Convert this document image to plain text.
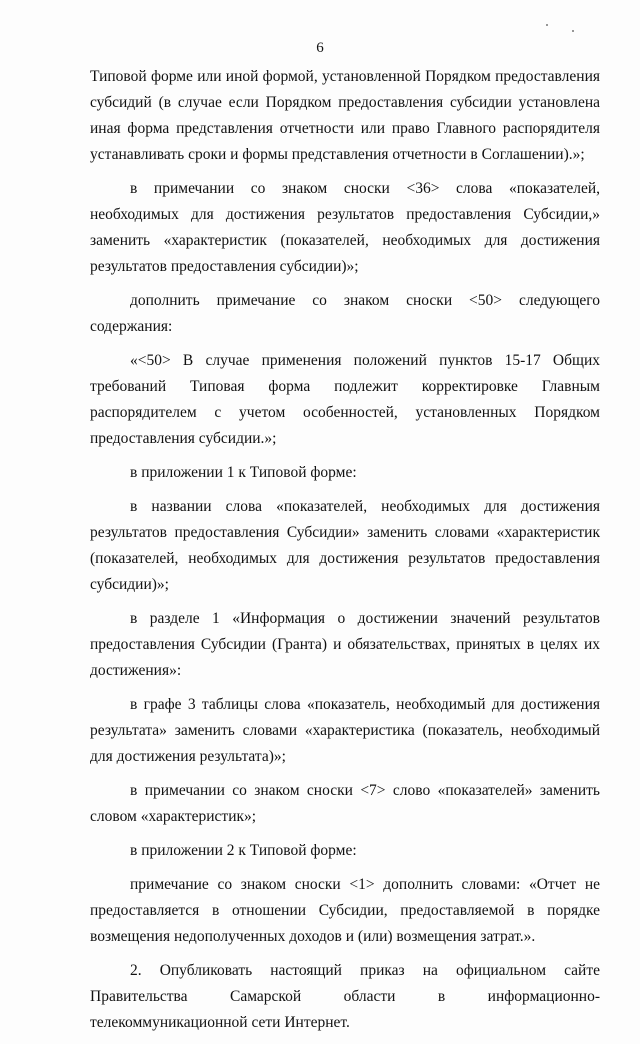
6

Типовой форме или иной формой, установленной Порядком предоставления субсидий (в случае если Порядком предоставления субсидии установлена иная форма представления отчетности или право Главного распорядителя устанавливать сроки и формы представления отчетности в Соглашении).»;

в примечании со знаком сноски <36> слова «показателей, необходимых для достижения результатов предоставления Субсидии,» заменить «характеристик (показателей, необходимых для достижения результатов предоставления субсидии)»;

дополнить примечание со знаком сноски <50> следующего содержания:

«<50> В случае применения положений пунктов 15-17 Общих требований Типовая форма подлежит корректировке Главным распорядителем с учетом особенностей, установленных Порядком предоставления субсидии.»;

в приложении 1 к Типовой форме:

в названии слова «показателей, необходимых для достижения результатов предоставления Субсидии» заменить словами «характеристик (показателей, необходимых для достижения результатов предоставления субсидии)»;

в разделе 1 «Информация о достижении значений результатов предоставления Субсидии (Гранта) и обязательствах, принятых в целях их достижения»:

в графе 3 таблицы слова «показатель, необходимый для достижения результата» заменить словами «характеристика (показатель, необходимый для достижения результата)»;

в примечании со знаком сноски <7> слово «показателей» заменить словом «характеристик»;

в приложении 2 к Типовой форме:

примечание со знаком сноски <1> дополнить словами: «Отчет не предоставляется в отношении Субсидии, предоставляемой в порядке возмещения недополученных доходов и (или) возмещения затрат.».

2. Опубликовать настоящий приказ на официальном сайте Правительства Самарской области в информационно-телекоммуникационной сети Интернет.
